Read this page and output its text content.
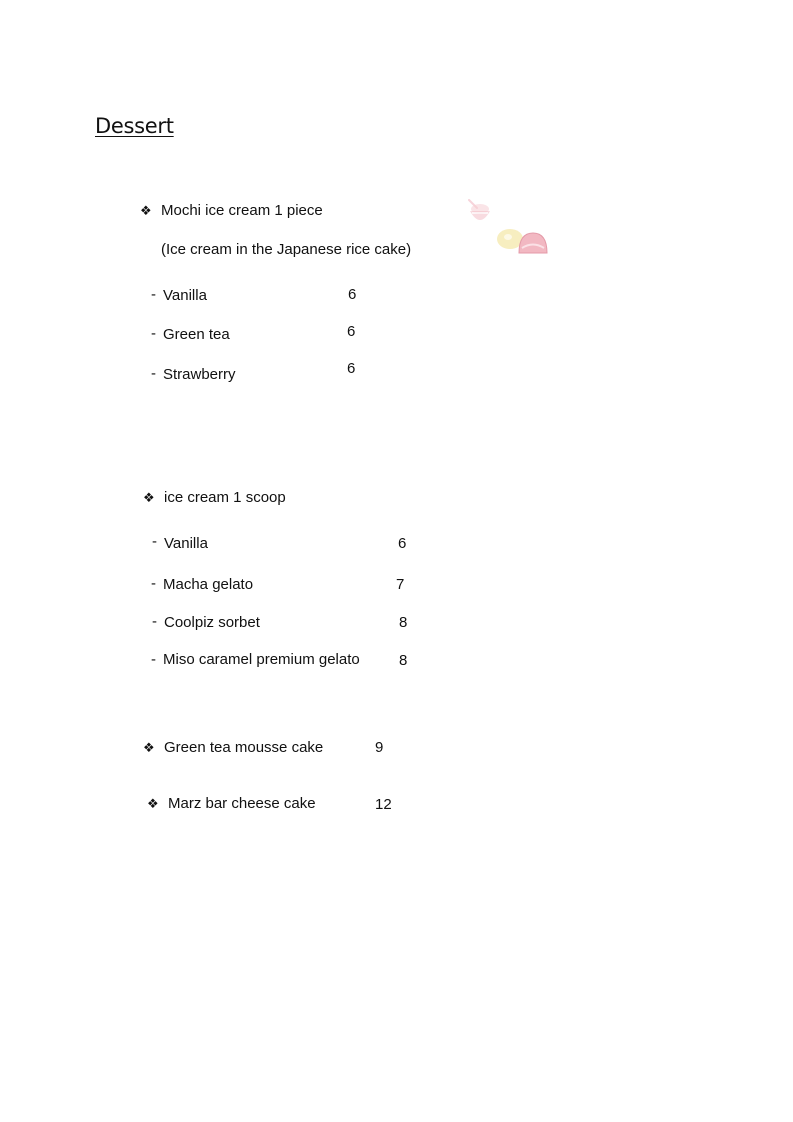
Dessert
❖ Mochi ice cream 1 piece
(Ice cream in the Japanese rice cake)
- Vanilla	6
- Green tea	6
- Strawberry	6
❖ ice cream 1 scoop
- Vanilla	6
- Macha gelato	7
- Coolpiz sorbet	8
- Miso caramel premium gelato	8
❖ Green tea mousse cake	9
❖ Marz bar cheese cake	12
